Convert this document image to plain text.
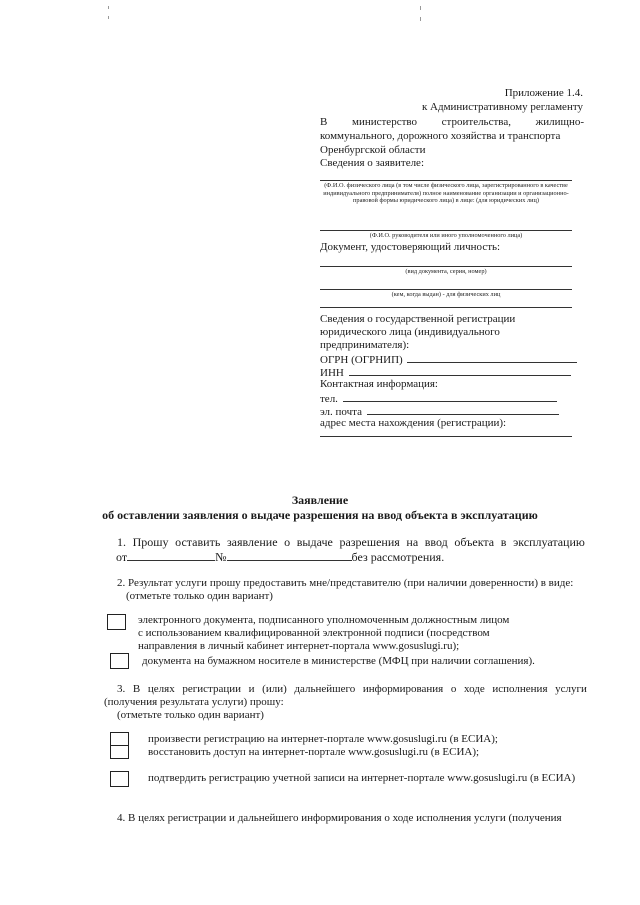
Приложение 1.4.
к Административному регламенту
В министерство строительства, жилищно-
коммунального, дорожного хозяйства и транспорта
Оренбургской области
Сведения о заявителе:
(Ф.И.О. физического лица (в том числе физического лица, зарегистрированного в качестве индивидуального предпринимателя) полное наименование организации и организационно-правовой формы юридического лица) в лице: (для юридических лиц)
(Ф.И.О. руководителя или иного уполномоченного лица)
Документ, удостоверяющий личность:
(вид документа, серия, номер)
(кем, когда выдан) - для физических лиц
Сведения о государственной регистрации
юридического лица (индивидуального
предпринимателя):
ОГРН (ОГРНИП)
ИНН
Контактная информация:
тел.
эл. почта
адрес места нахождения (регистрации):
Заявление
об оставлении заявления о выдаче разрешения на ввод объекта в эксплуатацию
1. Прошу оставить заявление о выдаче разрешения на ввод объекта в эксплуатацию
от	№	без рассмотрения.
2. Результат услуги прошу предоставить мне/представителю (при наличии доверенности) в виде:
(отметьте только один вариант)
электронного документа, подписанного уполномоченным должностным лицом
с использованием квалифицированной электронной подписи (посредством
направления в личный кабинет интернет-портала www.gosuslugi.ru);
документа на бумажном носителе в министерстве (МФЦ при наличии соглашения).
3. В целях регистрации и (или) дальнейшего информирования о ходе исполнения услуги
(получения результата услуги) прошу:
(отметьте только один вариант)
произвести регистрацию на интернет-портале www.gosuslugi.ru (в ЕСИА);
восстановить доступ на интернет-портале www.gosuslugi.ru (в ЕСИА);
подтвердить регистрацию учетной записи на интернет-портале www.gosuslugi.ru (в ЕСИА)
4. В целях регистрации и дальнейшего информирования о ходе исполнения услуги (получения
